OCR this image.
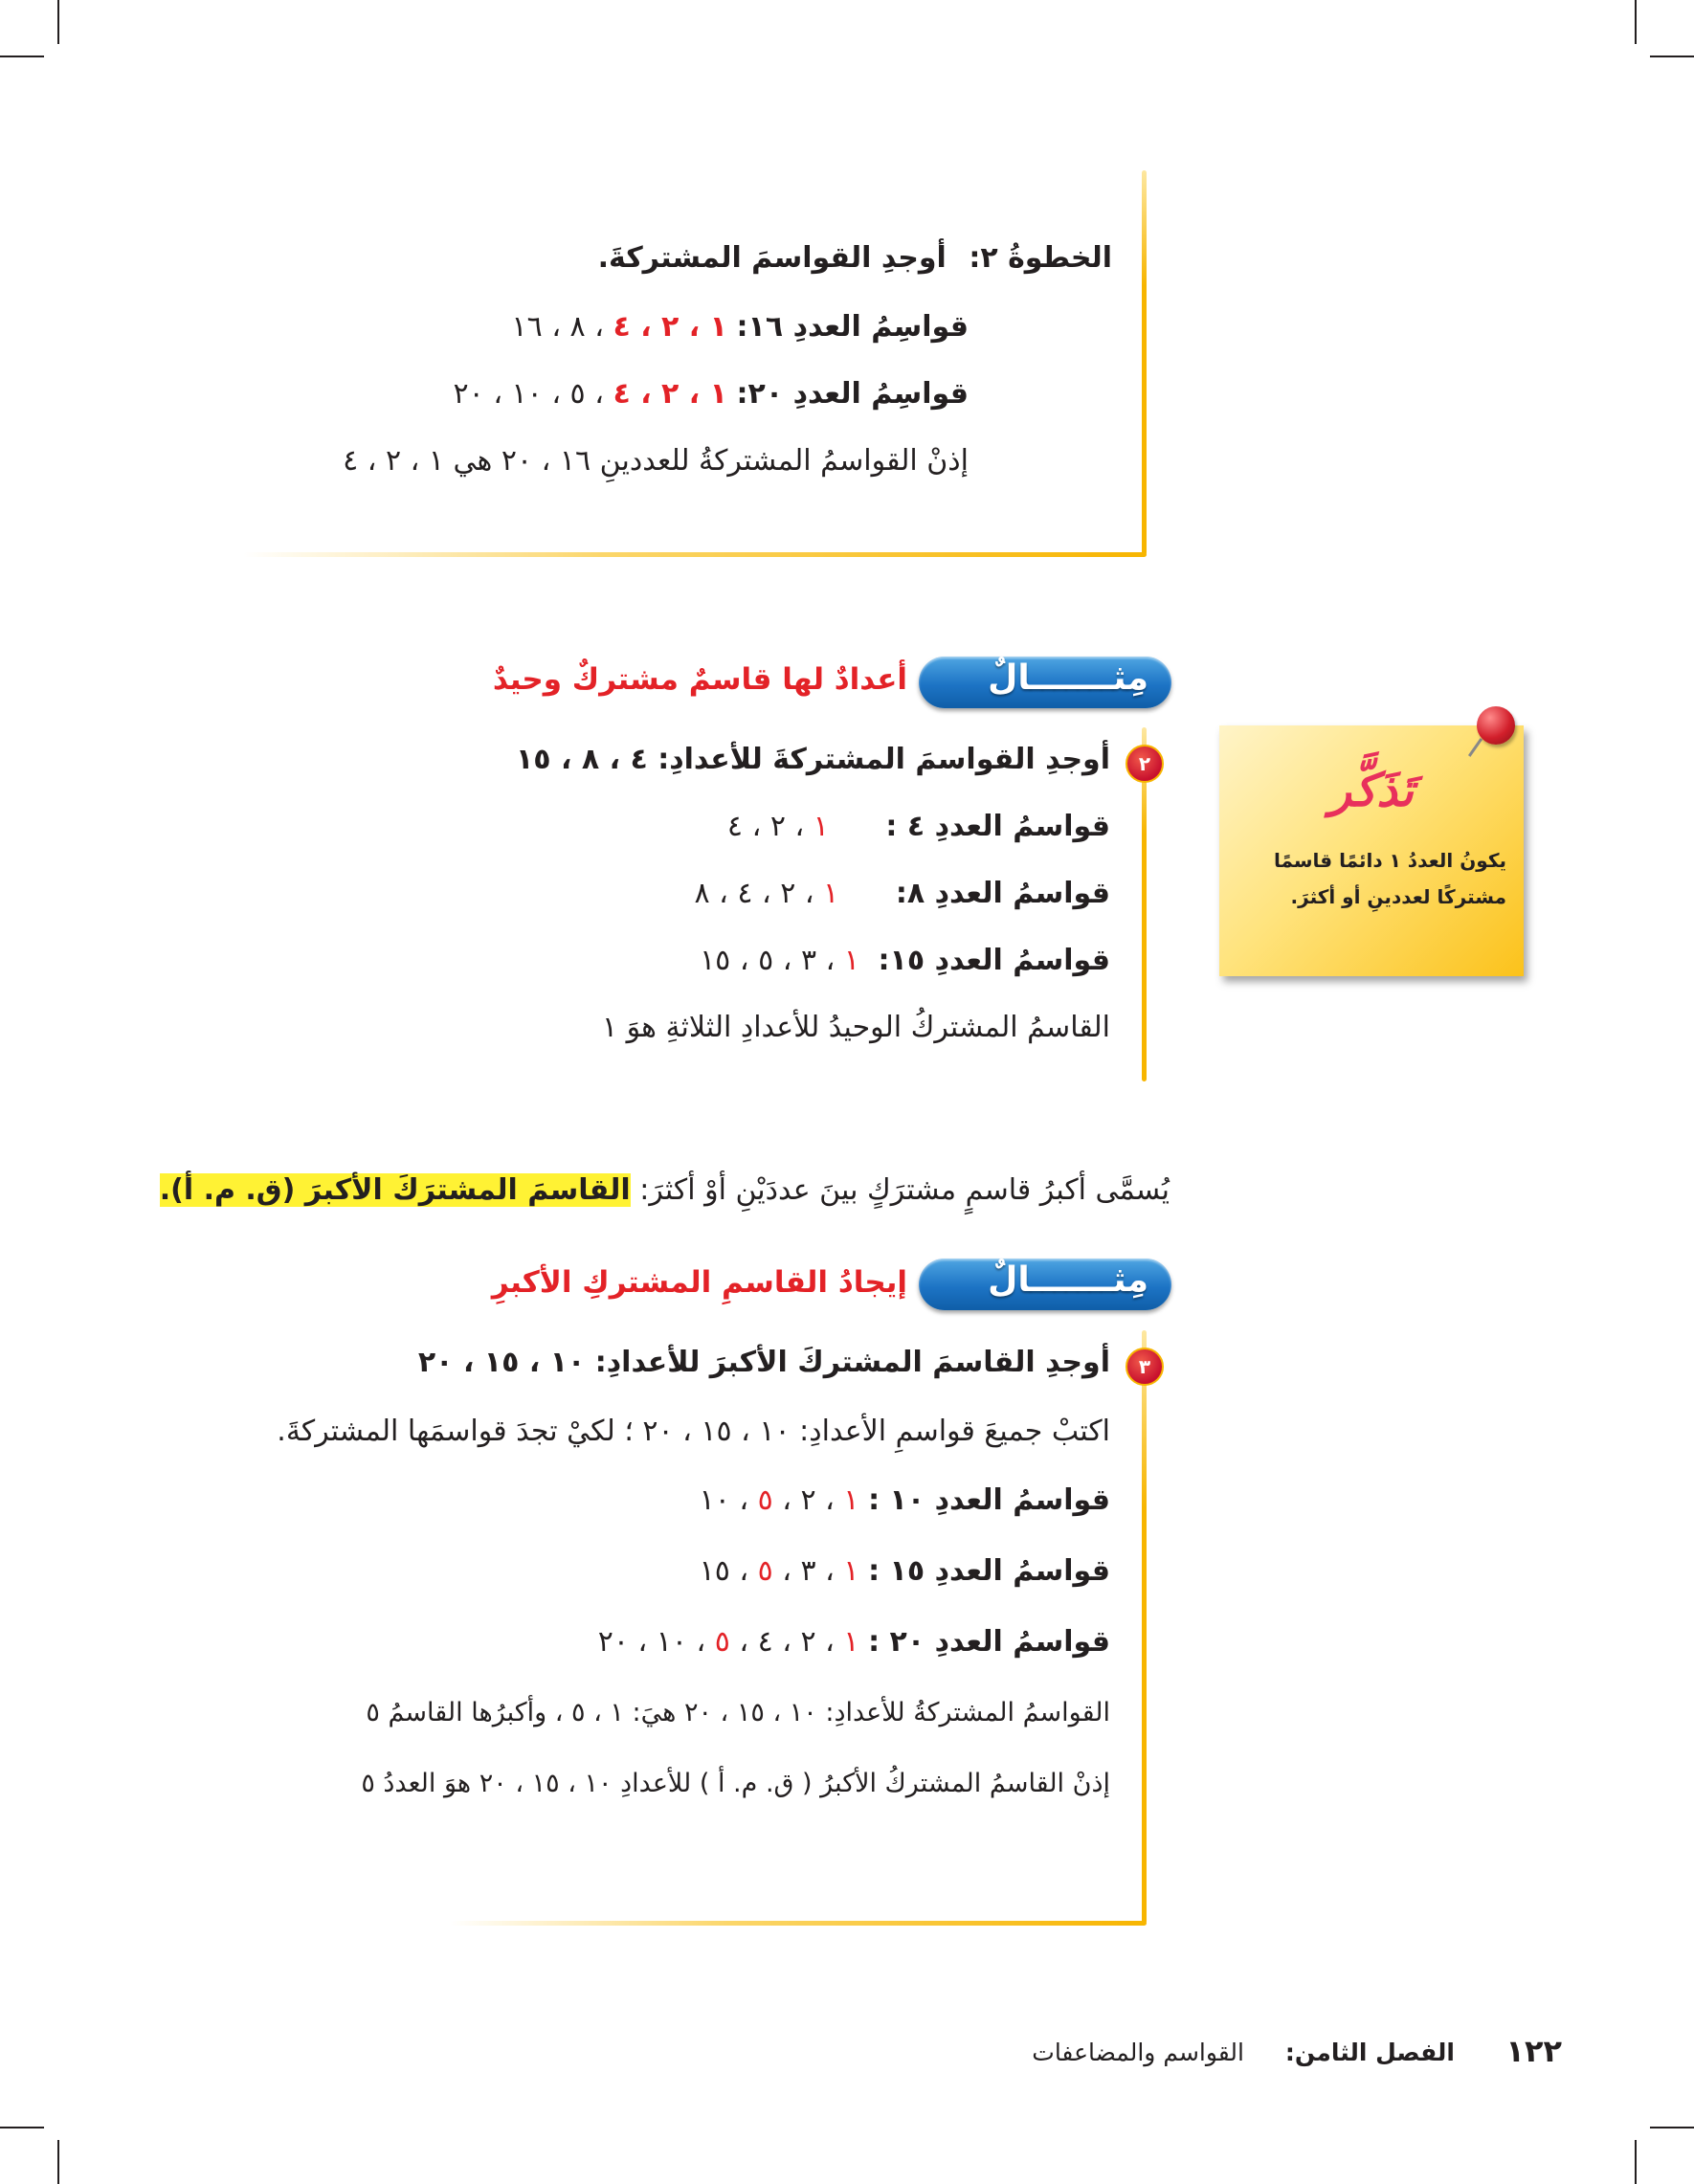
الخطوةُ ٢: أوجدِ القواسمَ المشتركةَ.
قواسِمُ العددِ ١٦: ١ ، ٢ ، ٤ ، ٨ ، ١٦
قواسِمُ العددِ ٢٠: ١ ، ٢ ، ٤ ، ٥ ، ١٠ ، ٢٠
إذنْ القواسمُ المشتركةُ للعددينِ ١٦ ، ٢٠ هي ١ ، ٢ ، ٤
مِثـــــــالٌ
أعدادٌ لها قاسمٌ مشتركٌ وحيدٌ
٢
أوجدِ القواسمَ المشتركةَ للأعدادِ: ٤ ، ٨ ، ١٥
قواسمُ العددِ ٤ : ١ ، ٢ ، ٤
قواسمُ العددِ ٨: ١ ، ٢ ، ٤ ، ٨
قواسمُ العددِ ١٥: ١ ، ٣ ، ٥ ، ١٥
القاسمُ المشتركُ الوحيدُ للأعدادِ الثلاثةِ هوَ ١
تَذَكَّر
يكونُ العددُ ١ دائمًا قاسمًا
مشتركًا لعددينِ أو أكثرَ.
يُسمَّى أكبرُ قاسمٍ مشترَكٍ بينَ عددَيْنِ أوْ أكثرَ: القاسمَ المشترَكَ الأكبرَ (ق. م. أ).
مِثـــــــالٌ
إيجادُ القاسمِ المشتركِ الأكبرِ
٣
أوجدِ القاسمَ المشتركَ الأكبرَ للأعدادِ: ١٠ ، ١٥ ، ٢٠
اكتبْ جميعَ قواسمِ الأعدادِ: ١٠ ، ١٥ ، ٢٠ ؛ لكيْ تجدَ قواسمَها المشتركةَ.
قواسمُ العددِ ١٠ : ١ ، ٢ ، ٥ ، ١٠
قواسمُ العددِ ١٥ : ١ ، ٣ ، ٥ ، ١٥
قواسمُ العددِ ٢٠ : ١ ، ٢ ، ٤ ، ٥ ، ١٠ ، ٢٠
القواسمُ المشتركةُ للأعدادِ: ١٠ ، ١٥ ، ٢٠ هيَ: ١ ، ٥ ، وأكبرُها القاسمُ ٥
إذنْ القاسمُ المشتركُ الأكبرُ ( ق. م. أ ) للأعدادِ ١٠ ، ١٥ ، ٢٠ هوَ العددُ ٥
١٢٢
الفصل الثامن:
القواسم والمضاعفات
